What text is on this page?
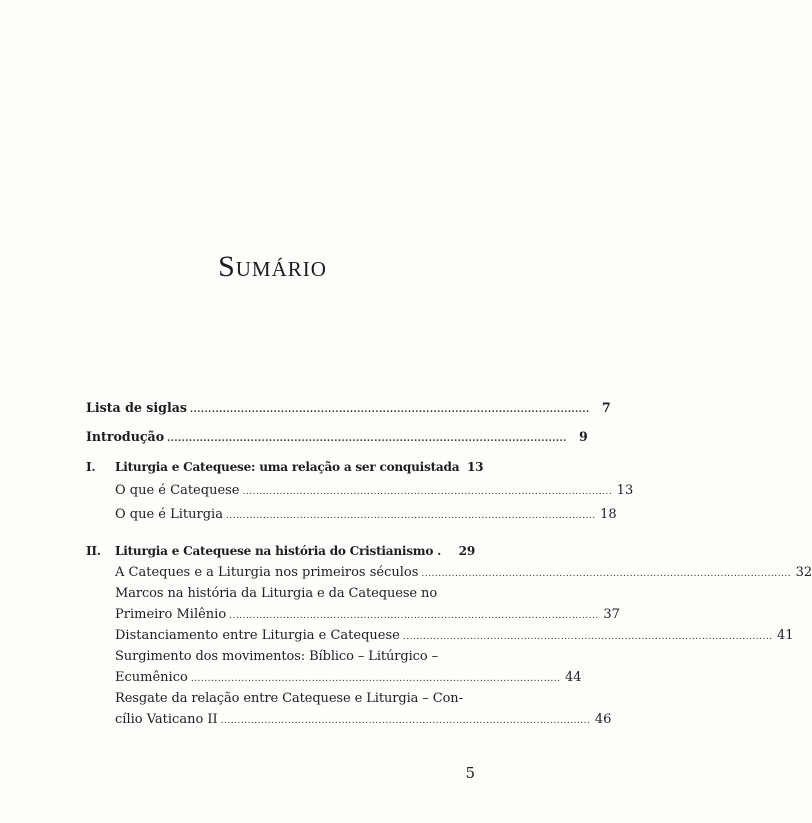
Sumário
Lista de siglas .............................................................................................................. 7
Introdução .............................................................................................................. 9
I.	Liturgia e Catequese: uma relação a ser conquistada 13
O que é Catequese .............................................................................................................. 13
O que é Liturgia .............................................................................................................. 18
II.	Liturgia e Catequese na história do Cristianismo . 29
A Cateques e a Liturgia nos primeiros séculos .............................................................................................................. 32
Marcos na história da Liturgia e da Catequese no
Primeiro Milênio .............................................................................................................. 37
Distanciamento entre Liturgia e Catequese .............................................................................................................. 41
Surgimento dos movimentos: Bíblico – Litúrgico –
Ecumênico .............................................................................................................. 44
Resgate da relação entre Catequese e Liturgia – Con-
cílio Vaticano II .............................................................................................................. 46
5
